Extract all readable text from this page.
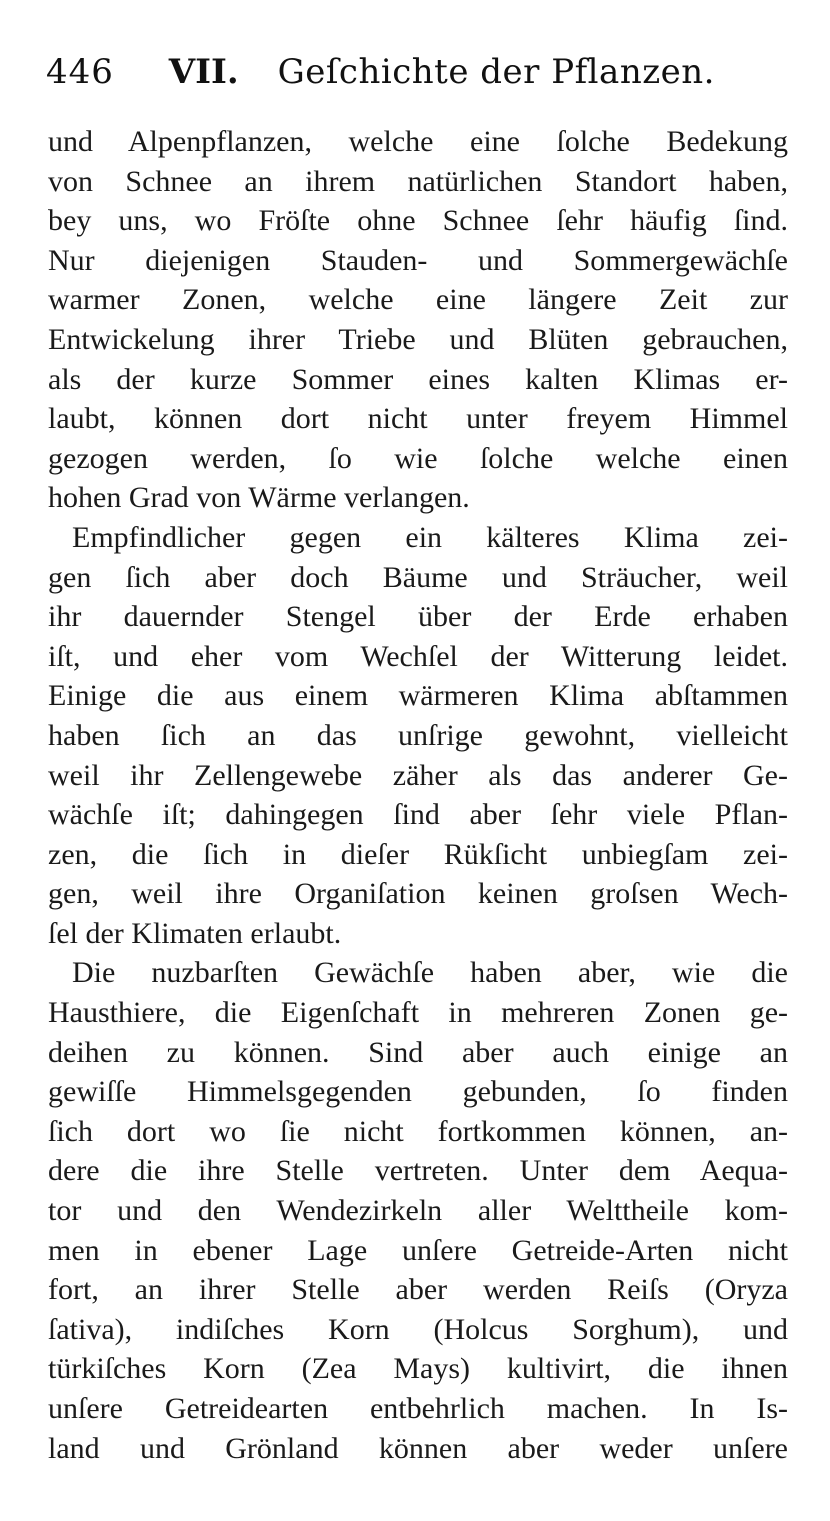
446 VII. Geſchichte der Pflanzen.
und Alpenpflanzen, welche eine ſolche Bedekung
von Schnee an ihrem natürlichen Standort haben,
bey uns, wo Fröſte ohne Schnee ſehr häufig ſind.
Nur diejenigen Stauden- und Sommergewächſe
warmer Zonen, welche eine längere Zeit zur
Entwickelung ihrer Triebe und Blüten gebrauchen,
als der kurze Sommer eines kalten Klimas er-
laubt, können dort nicht unter freyem Himmel
gezogen werden, ſo wie ſolche welche einen
hohen Grad von Wärme verlangen.
Empfindlicher gegen ein kälteres Klima zei-
gen ſich aber doch Bäume und Sträucher, weil
ihr dauernder Stengel über der Erde erhaben
iſt, und eher vom Wechſel der Witterung leidet.
Einige die aus einem wärmeren Klima abſtammen
haben ſich an das unſrige gewohnt, vielleicht
weil ihr Zellengewebe zäher als das anderer Ge-
wächſe iſt; dahingegen ſind aber ſehr viele Pflan-
zen, die ſich in dieſer Rükſicht unbiegſam zei-
gen, weil ihre Organiſation keinen groſsen Wech-
ſel der Klimaten erlaubt.
Die nuzbarſten Gewächſe haben aber, wie die
Hausthiere, die Eigenſchaft in mehreren Zonen ge-
deihen zu können. Sind aber auch einige an
gewiſſe Himmelsgegenden gebunden, ſo finden
ſich dort wo ſie nicht fortkommen können, an-
dere die ihre Stelle vertreten. Unter dem Aequa-
tor und den Wendezirkeln aller Welttheile kom-
men in ebener Lage unſere Getreide-Arten nicht
fort, an ihrer Stelle aber werden Reiſs (Oryza
ſativa), indiſches Korn (Holcus Sorghum), und
türkiſches Korn (Zea Mays) kultivirt, die ihnen
unſere Getreidearten entbehrlich machen. In Is-
land und Grönland können aber weder unſere
